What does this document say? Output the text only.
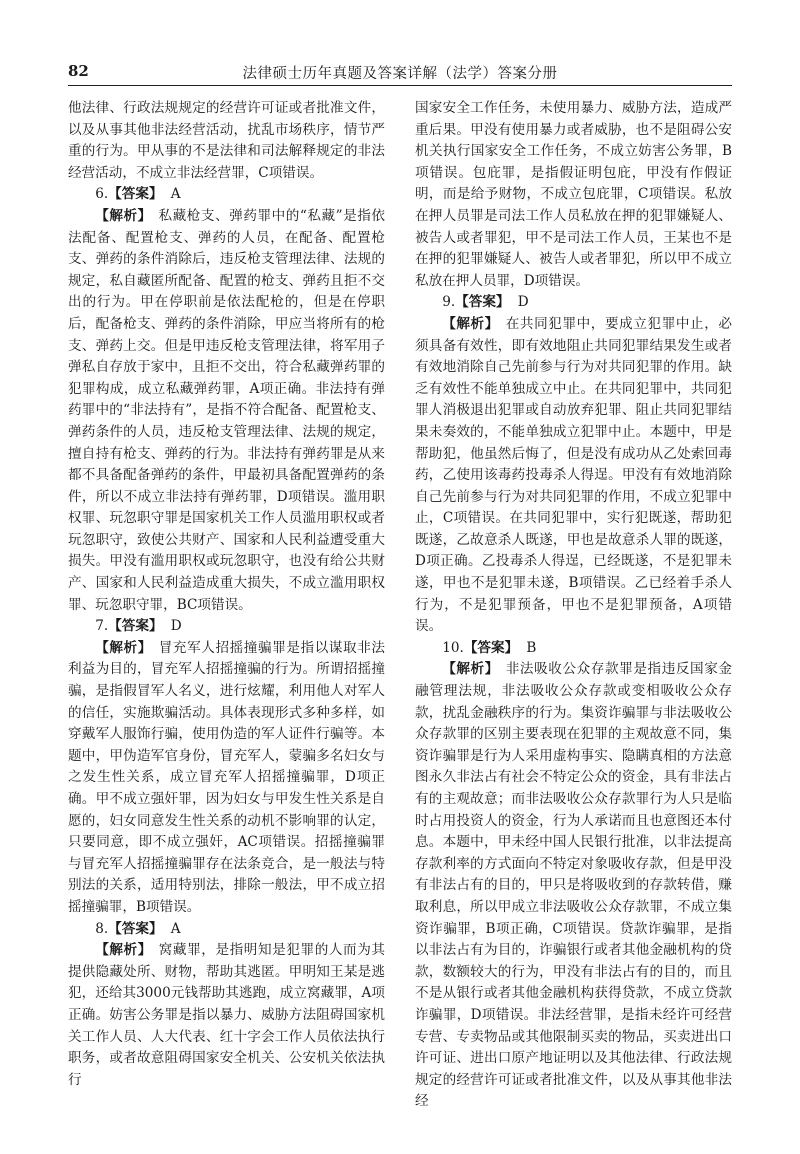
82	法律硕士历年真题及答案详解（法学）答案分册

他法律、行政法规规定的经营许可证或者批准文件，以及从事其他非法经营活动，扰乱市场秩序，情节严重的行为。甲从事的不是法律和司法解释规定的非法经营活动，不成立非法经营罪，C项错误。

6.【答案】 A

【解析】 私藏枪支、弹药罪中的“私藏”是指依法配备、配置枪支、弹药的人员，在配备、配置枪支、弹药的条件消除后，违反枪支管理法律、法规的规定，私自藏匿所配备、配置的枪支、弹药且拒不交出的行为。甲在停职前是依法配枪的，但是在停职后，配备枪支、弹药的条件消除，甲应当将所有的枪支、弹药上交。但是甲违反枪支管理法律，将军用子弹私自存放于家中，且拒不交出，符合私藏弹药罪的犯罪构成，成立私藏弹药罪，A项正确。非法持有弹药罪中的“非法持有”，是指不符合配备、配置枪支、弹药条件的人员，违反枪支管理法律、法规的规定，擅自持有枪支、弹药的行为。非法持有弹药罪是从来都不具备配备弹药的条件，甲最初具备配置弹药的条件，所以不成立非法持有弹药罪，D项错误。滥用职权罪、玩忽职守罪是国家机关工作人员滥用职权或者玩忽职守，致使公共财产、国家和人民利益遭受重大损失。甲没有滥用职权或玩忽职守，也没有给公共财产、国家和人民利益造成重大损失，不成立滥用职权罪、玩忽职守罪，BC项错误。

7.【答案】 D

【解析】 冒充军人招摇撞骗罪是指以谋取非法利益为目的，冒充军人招摇撞骗的行为。所谓招摇撞骗，是指假冒军人名义，进行炫耀，利用他人对军人的信任，实施欺骗活动。具体表现形式多种多样，如穿戴军人服饰行骗，使用伪造的军人证件行骗等。本题中，甲伪造军官身份，冒充军人，蒙骗多名妇女与之发生性关系，成立冒充军人招摇撞骗罪，D项正确。甲不成立强奸罪，因为妇女与甲发生性关系是自愿的，妇女同意发生性关系的动机不影响罪的认定，只要同意，即不成立强奸，AC项错误。招摇撞骗罪与冒充军人招摇撞骗罪存在法条竞合，是一般法与特别法的关系，适用特别法，排除一般法，甲不成立招摇撞骗罪，B项错误。

8.【答案】 A

【解析】 窝藏罪，是指明知是犯罪的人而为其提供隐藏处所、财物，帮助其逃匿。甲明知王某是逃犯，还给其3000元钱帮助其逃跑，成立窝藏罪，A项正确。妨害公务罪是指以暴力、威胁方法阻碍国家机关工作人员、人大代表、红十字会工作人员依法执行职务，或者故意阻碍国家安全机关、公安机关依法执行

国家安全工作任务，未使用暴力、威胁方法，造成严重后果。甲没有使用暴力或者威胁，也不是阻碍公安机关执行国家安全工作任务，不成立妨害公务罪，B项错误。包庇罪，是指假证明包庇，甲没有作假证明，而是给予财物，不成立包庇罪，C项错误。私放在押人员罪是司法工作人员私放在押的犯罪嫌疑人、被告人或者罪犯，甲不是司法工作人员，王某也不是在押的犯罪嫌疑人、被告人或者罪犯，所以甲不成立私放在押人员罪，D项错误。

9.【答案】 D

【解析】 在共同犯罪中，要成立犯罪中止，必须具备有效性，即有效地阻止共同犯罪结果发生或者有效地消除自己先前参与行为对共同犯罪的作用。缺乏有效性不能单独成立中止。在共同犯罪中，共同犯罪人消极退出犯罪或自动放弃犯罪、阻止共同犯罪结果未奏效的，不能单独成立犯罪中止。本题中，甲是帮助犯，他虽然后悔了，但是没有成功从乙处索回毒药，乙使用该毒药投毒杀人得逞。甲没有有效地消除自己先前参与行为对共同犯罪的作用，不成立犯罪中止，C项错误。在共同犯罪中，实行犯既遂，帮助犯既遂，乙故意杀人既遂，甲也是故意杀人罪的既遂，D项正确。乙投毒杀人得逞，已经既遂，不是犯罪未遂，甲也不是犯罪未遂，B项错误。乙已经着手杀人行为，不是犯罪预备，甲也不是犯罪预备，A项错误。

10.【答案】 B

【解析】 非法吸收公众存款罪是指违反国家金融管理法规，非法吸收公众存款或变相吸收公众存款，扰乱金融秩序的行为。集资诈骗罪与非法吸收公众存款罪的区别主要表现在犯罪的主观故意不同，集资诈骗罪是行为人采用虚构事实、隐瞒真相的方法意图永久非法占有社会不特定公众的资金，具有非法占有的主观故意；而非法吸收公众存款罪行为人只是临时占用投资人的资金，行为人承诺而且也意图还本付息。本题中，甲未经中国人民银行批准，以非法提高存款利率的方式面向不特定对象吸收存款，但是甲没有非法占有的目的，甲只是将吸收到的存款转借，赚取利息，所以甲成立非法吸收公众存款罪，不成立集资诈骗罪，B项正确，C项错误。贷款诈骗罪，是指以非法占有为目的，诈骗银行或者其他金融机构的贷款，数额较大的行为，甲没有非法占有的目的，而且不是从银行或者其他金融机构获得贷款，不成立贷款诈骗罪，D项错误。非法经营罪，是指未经许可经营专营、专卖物品或其他限制买卖的物品，买卖进出口许可证、进出口原产地证明以及其他法律、行政法规规定的经营许可证或者批准文件，以及从事其他非法经
